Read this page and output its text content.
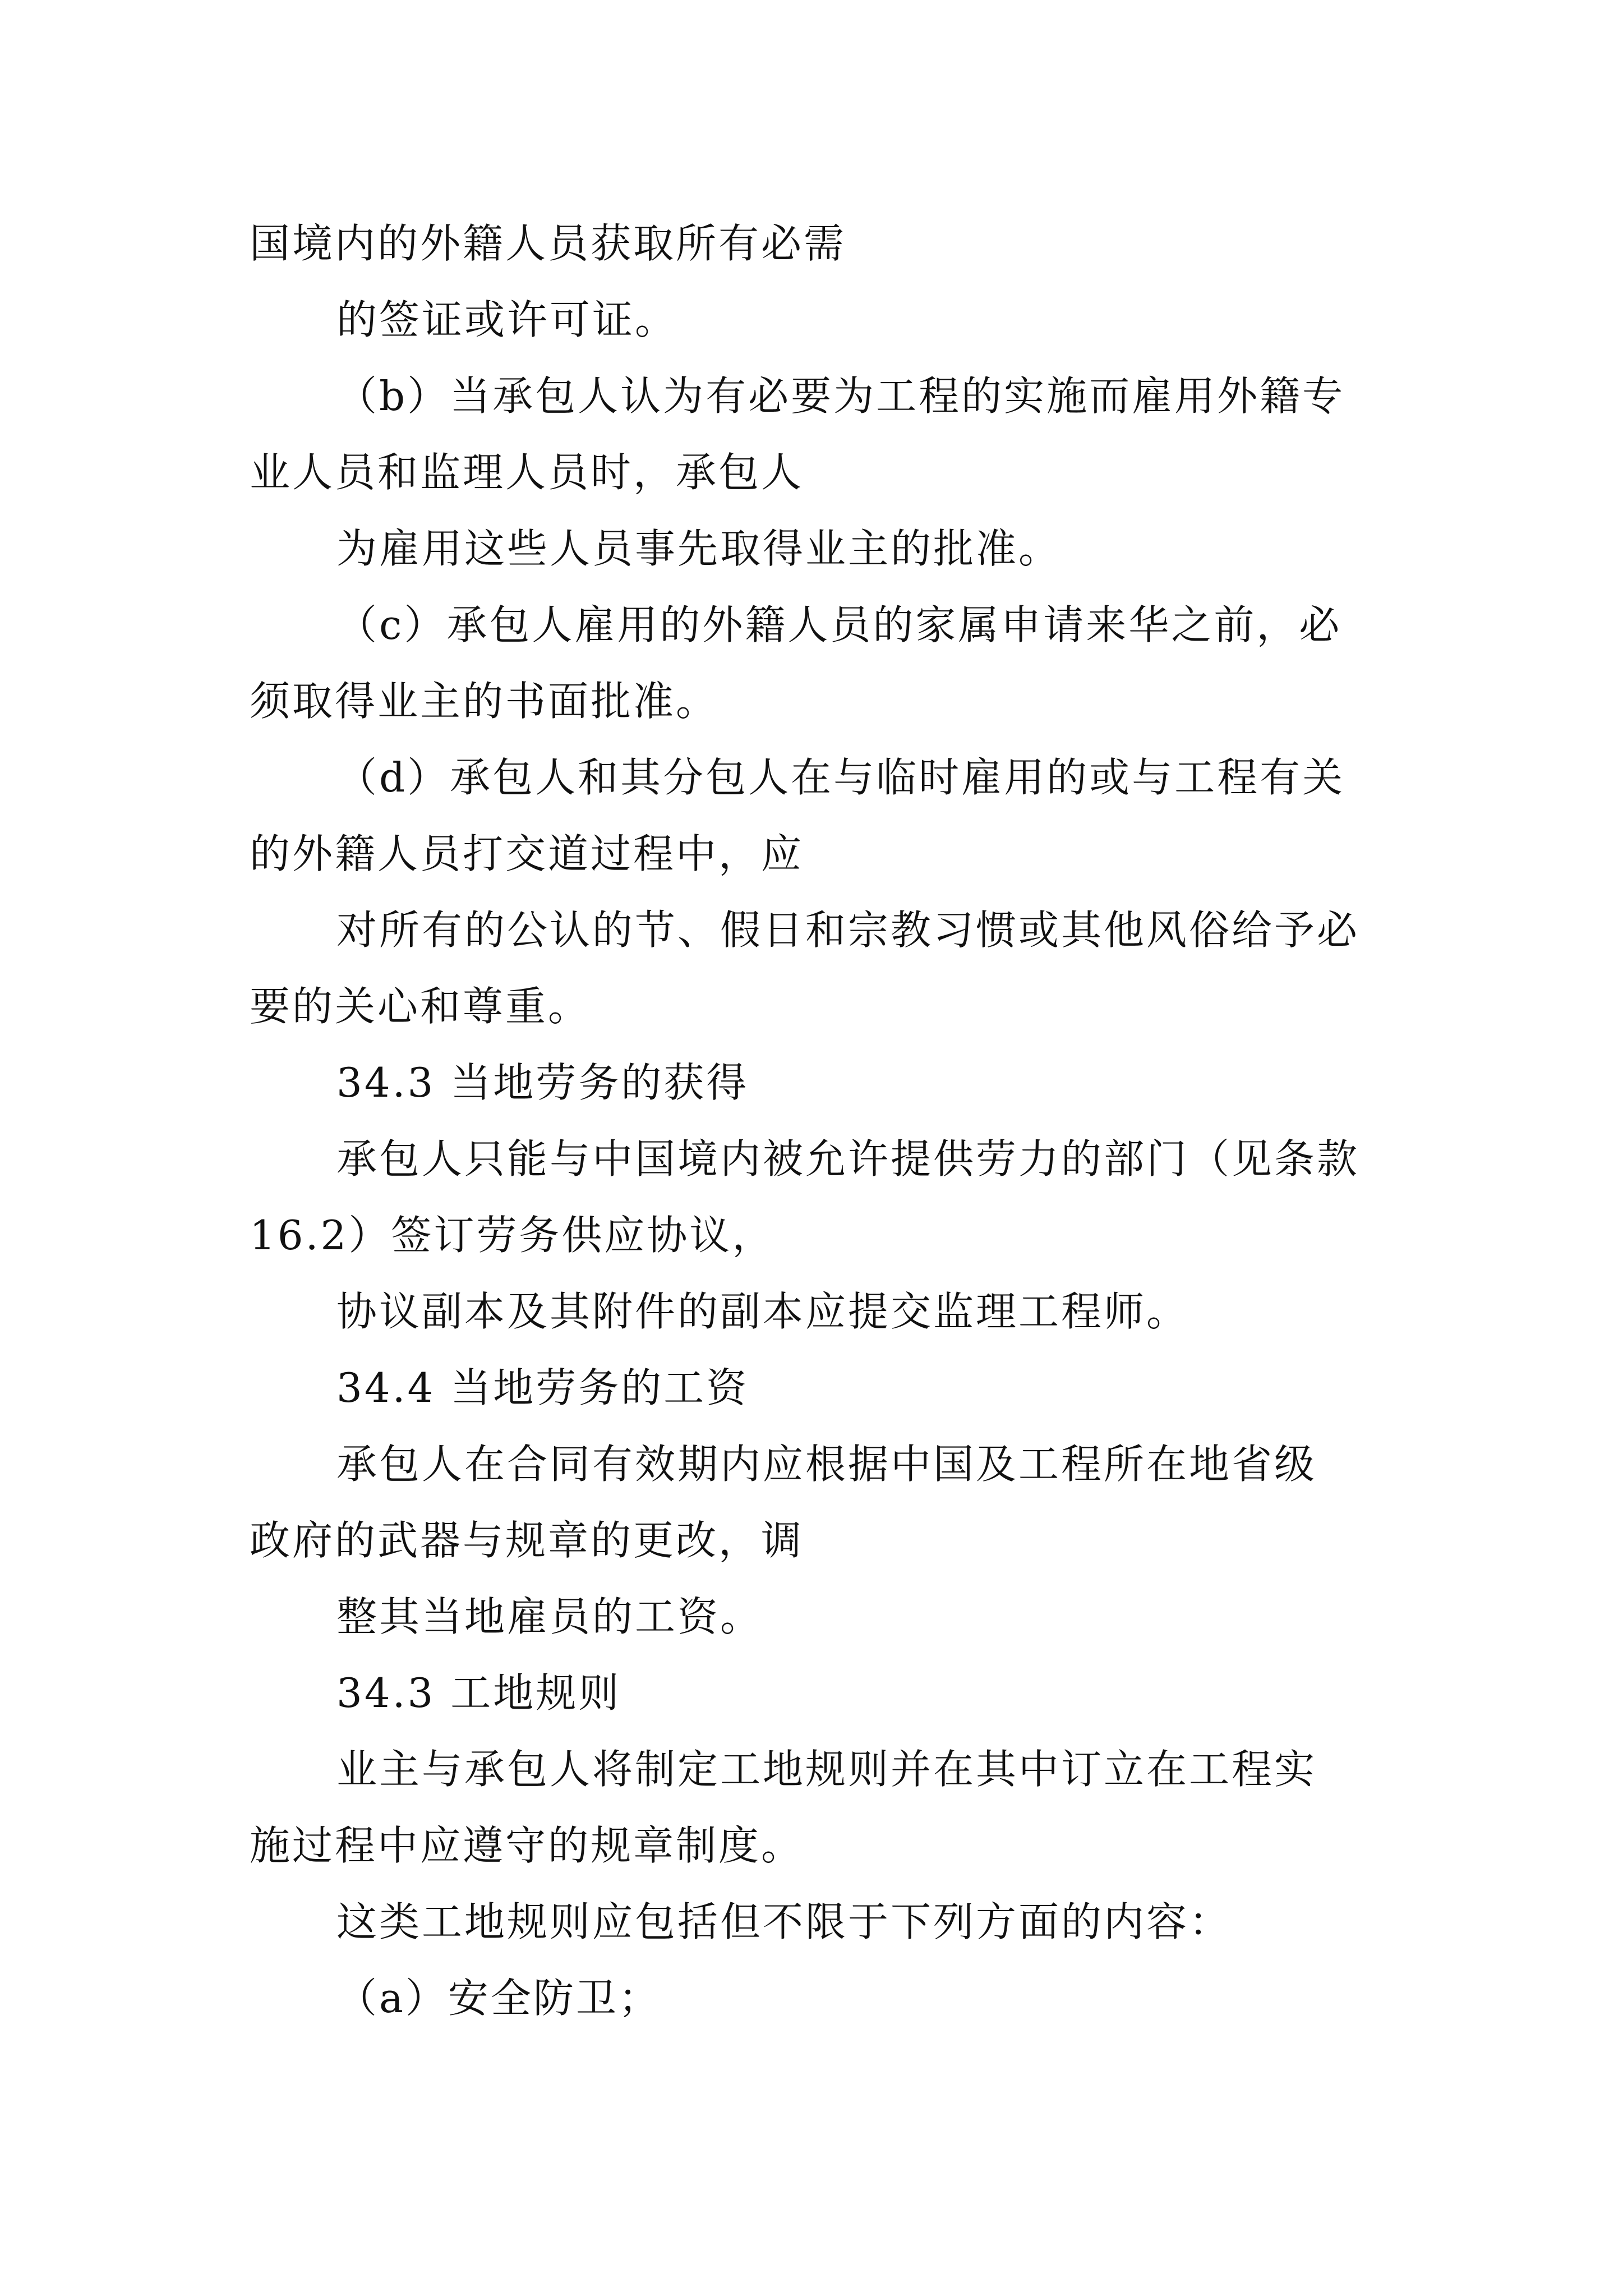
国境内的外籍人员获取所有必需
的签证或许可证。
（b）当承包人认为有必要为工程的实施而雇用外籍专
业人员和监理人员时，承包人
为雇用这些人员事先取得业主的批准。
（c）承包人雇用的外籍人员的家属申请来华之前，必
须取得业主的书面批准。
（d）承包人和其分包人在与临时雇用的或与工程有关
的外籍人员打交道过程中，应
对所有的公认的节、假日和宗教习惯或其他风俗给予必
要的关心和尊重。
34.3 当地劳务的获得
承包人只能与中国境内被允许提供劳力的部门（见条款
16.2）签订劳务供应协议，
协议副本及其附件的副本应提交监理工程师。
34.4 当地劳务的工资
承包人在合同有效期内应根据中国及工程所在地省级
政府的武器与规章的更改，调
整其当地雇员的工资。
34.3 工地规则
业主与承包人将制定工地规则并在其中订立在工程实
施过程中应遵守的规章制度。
这类工地规则应包括但不限于下列方面的内容：
（a）安全防卫；
